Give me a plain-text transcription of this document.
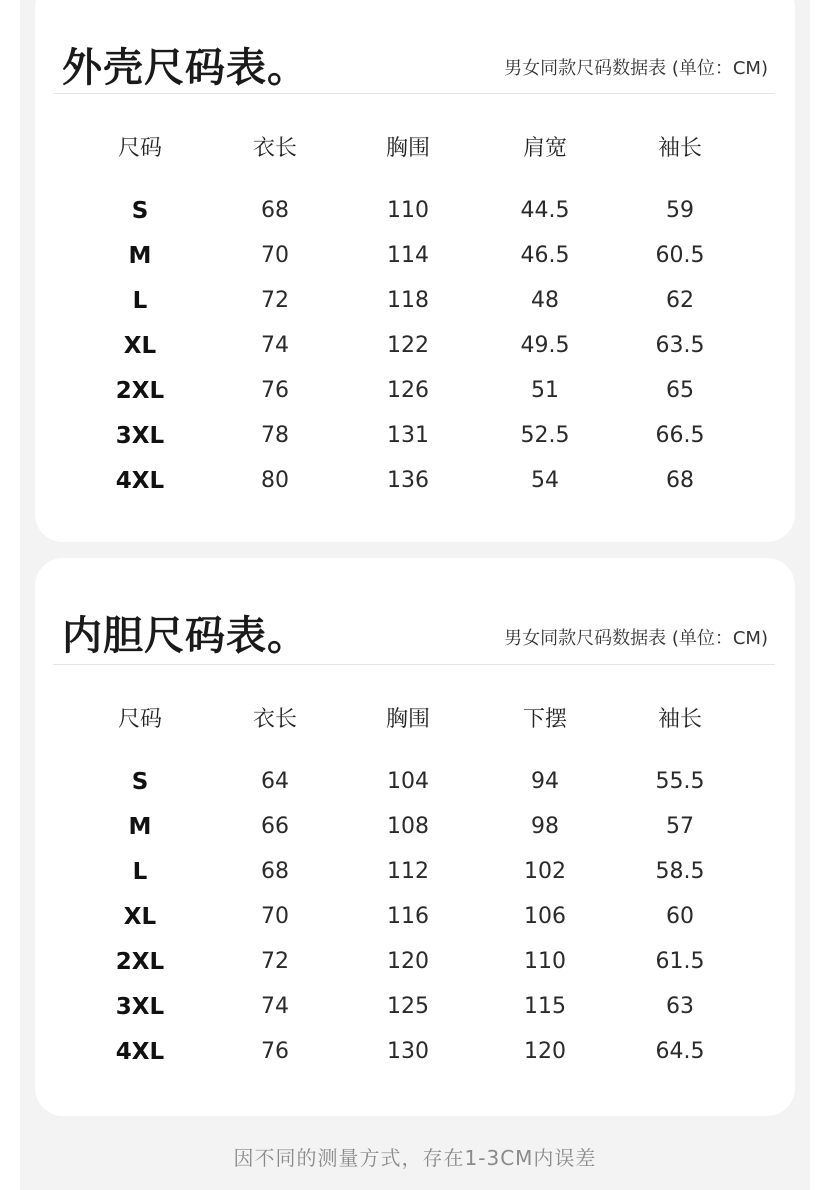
外壳尺码表。	男女同款尺码数据表 (单位：CM)
尺码	衣长	胸围	肩宽	袖长
S	68	110	44.5	59
M	70	114	46.5	60.5
L	72	118	48	62
XL	74	122	49.5	63.5
2XL	76	126	51	65
3XL	78	131	52.5	66.5
4XL	80	136	54	68
内胆尺码表。	男女同款尺码数据表 (单位：CM)
尺码	衣长	胸围	下摆	袖长
S	64	104	94	55.5
M	66	108	98	57
L	68	112	102	58.5
XL	70	116	106	60
2XL	72	120	110	61.5
3XL	74	125	115	63
4XL	76	130	120	64.5
因不同的测量方式，存在1-3CM内误差
